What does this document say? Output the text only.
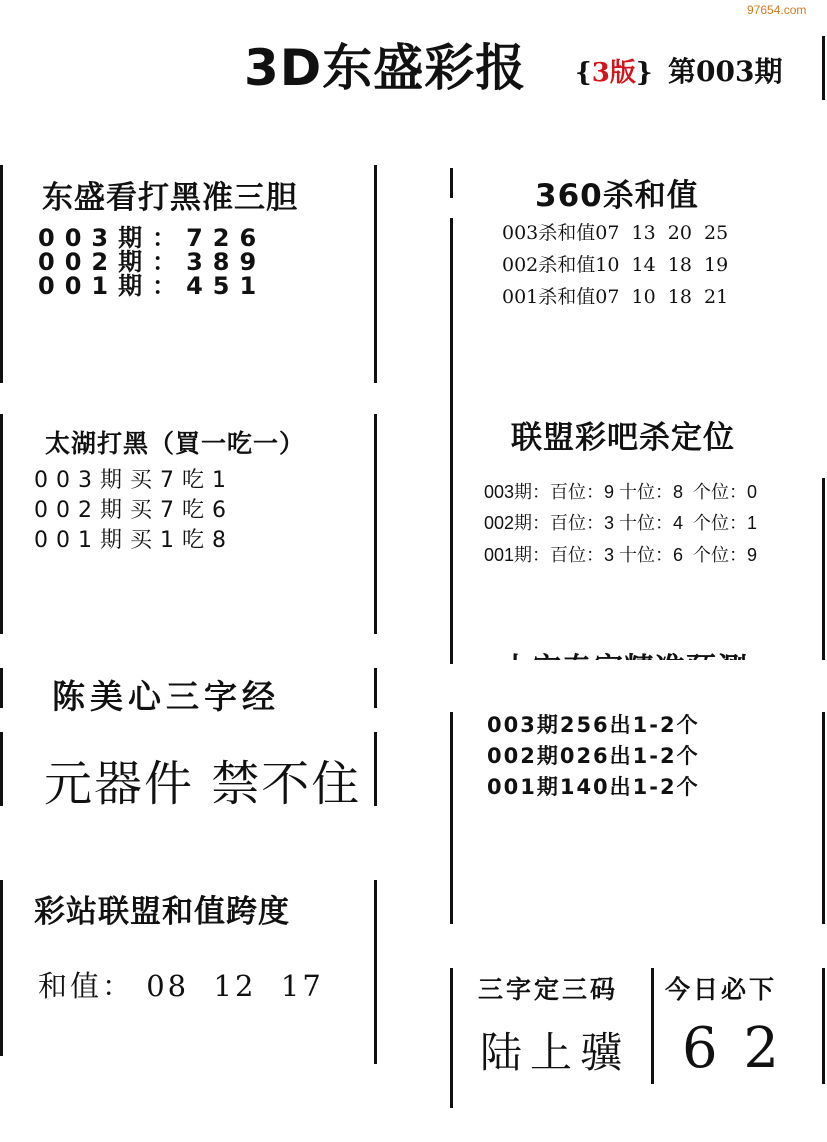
97654.com
3D东盛彩报 {3版} 第003期
东盛看打黑准三胆
003期：726
002期：389
001期：451
360杀和值
003杀和值07  13  20  25
002杀和值10  14  18  19
001杀和值07  10  18  21
太湖打黑（買一吃一）
003期买7吃1
002期买7吃6
001期买1吃8
联盟彩吧杀定位
003期：百位：9 十位：8  个位：0
002期：百位：3 十位：4  个位：1
001期：百位：3 十位：6  个位：9
陈美心三字经
元器件 禁不住
003期256出1-2个
002期026出1-2个
001期140出1-2个
彩站联盟和值跨度
和值： 08  12  17	三字定三码
陆上骥
今日必下
6 2
